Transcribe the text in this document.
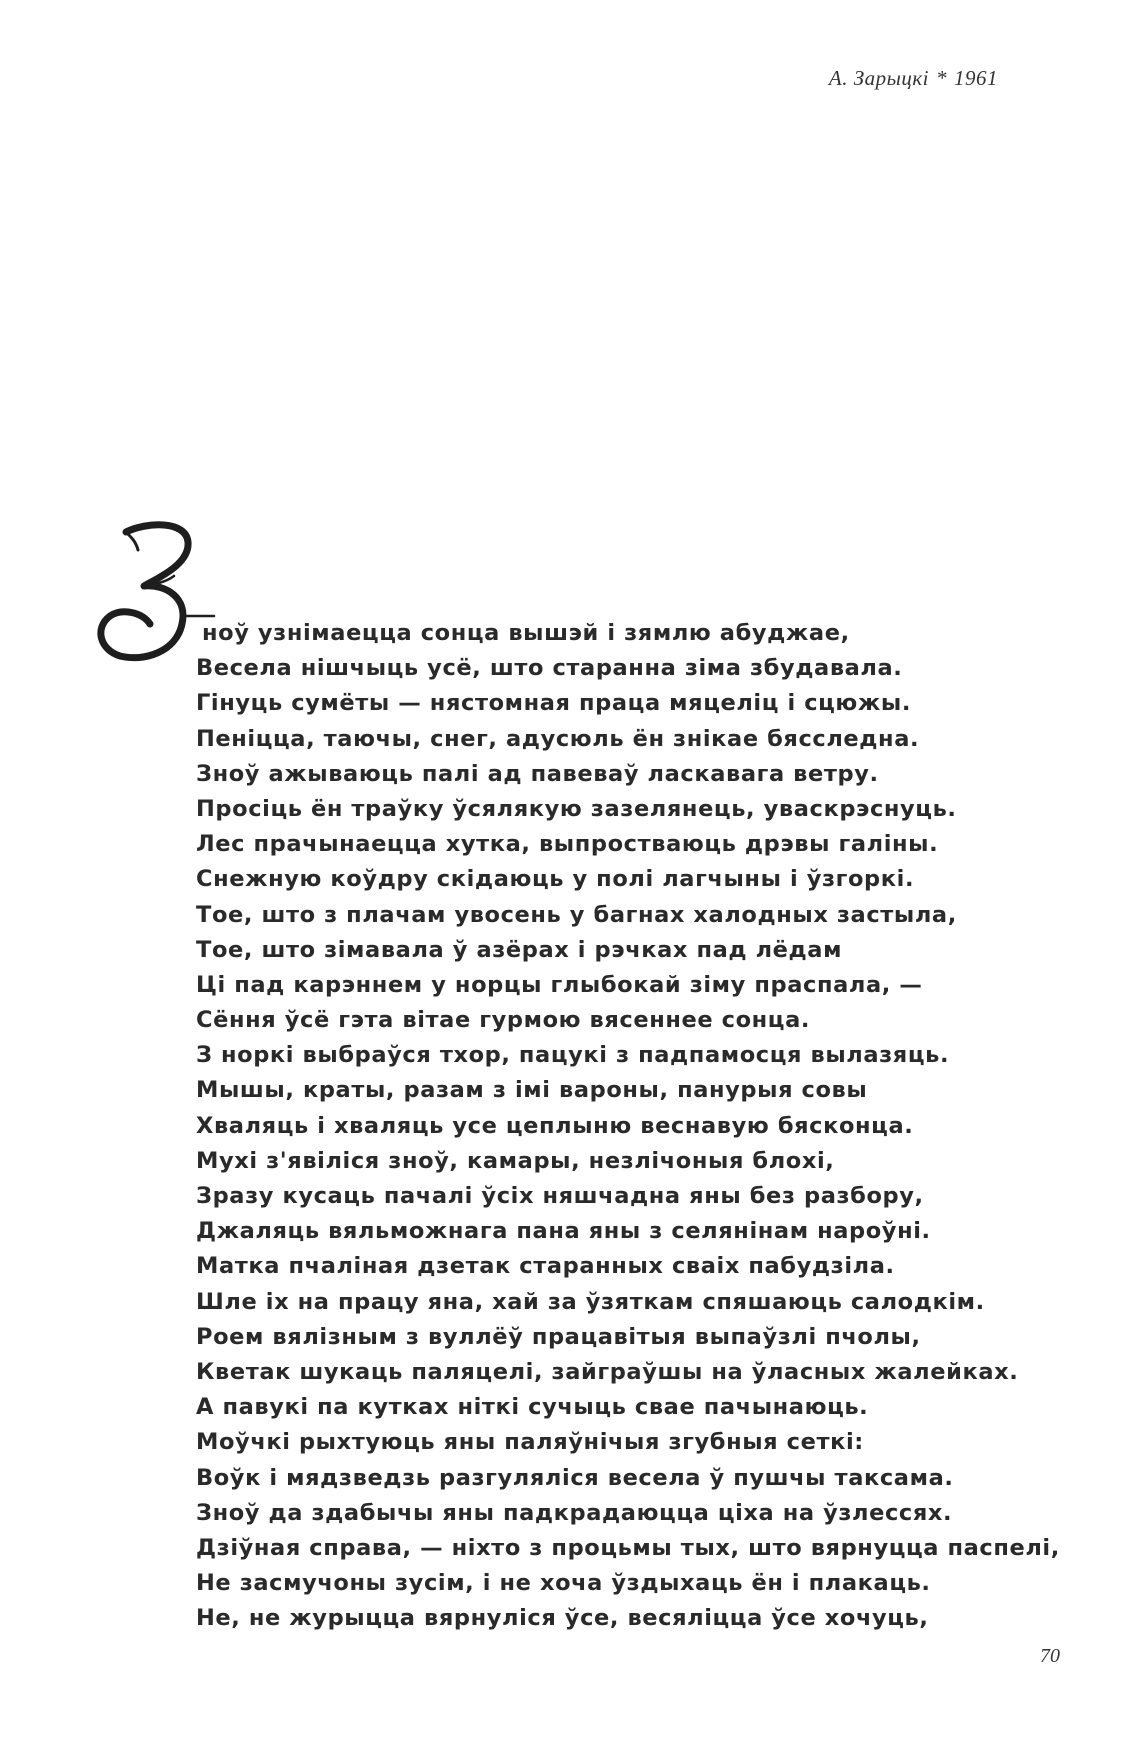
А. Зарыцкі * 1961
ноў узнімаецца сонца вышэй і зямлю абуджае,
Весела нішчыць усё, што старанна зіма збудавала.
Гінуць сумёты — нястомная праца мяцеліц і сцюжы.
Пеніцца, таючы, снег, адусюль ён знікае бясследна.
Зноў ажываюць палі ад павеваў ласкавага ветру.
Просіць ён траўку ўсялякую зазелянець, уваскрэснуць.
Лес прачынаецца хутка, выпростваюць дрэвы галіны.
Снежную коўдру скідаюць у полі лагчыны і ўзгоркі.
Тое, што з плачам увосень у багнах халодных застыла,
Тое, што зімавала ў азёрах і рэчках пад лёдам
Ці пад карэннем у норцы глыбокай зіму праспала, —
Сёння ўсё гэта вітае гурмою вясеннее сонца.
З норкі выбраўся тхор, пацукі з падпамосця вылазяць.
Мышы, краты, разам з імі вароны, панурыя совы
Хваляць і хваляць усе цеплыню веснавую бясконца.
Мухі з'явіліся зноў, камары, незлічоныя блохі,
Зразу кусаць пачалі ўсіх няшчадна яны без разбору,
Джаляць вяльможнага пана яны з селянінам нароўні.
Матка пчаліная дзетак старанных сваіх пабудзіла.
Шле іх на працу яна, хай за ўзяткам спяшаюць салодкім.
Роем вялізным з вуллёў працавітыя выпаўзлі пчолы,
Кветак шукаць паляцелі, зайграўшы на ўласных жалейках.
А павукі па кутках ніткі сучыць свае пачынаюць.
Моўчкі рыхтуюць яны паляўнічыя згубныя сеткі:
Воўк і мядзведзь разгуляліся весела ў пушчы таксама.
Зноў да здабычы яны падкрадаюцца ціха на ўзлессях.
Дзіўная справа, — ніхто з процьмы тых, што вярнуцца паспелі,
Не засмучоны зусім, і не хоча ўздыхаць ён і плакаць.
Не, не журыцца вярнуліся ўсе, весяліцца ўсе хочуць,
70
